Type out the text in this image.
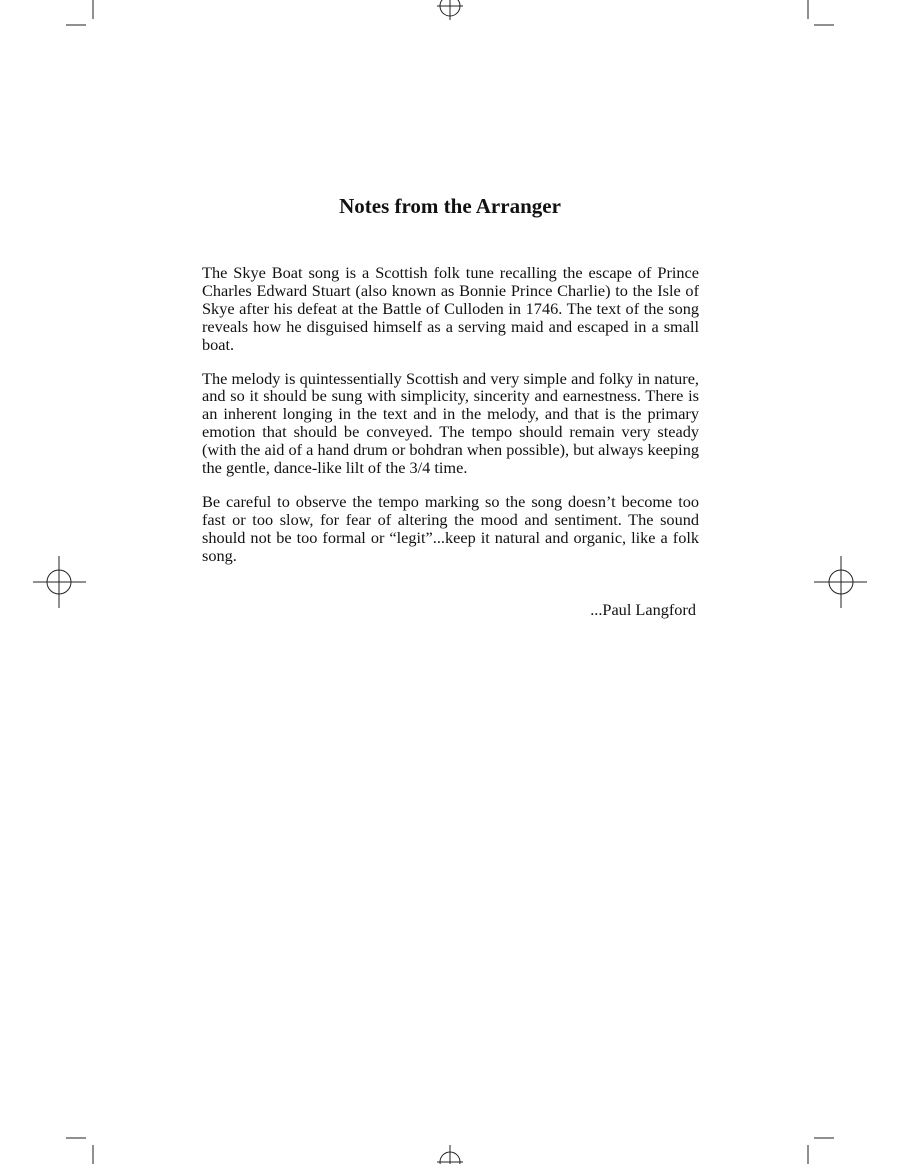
Notes from the Arranger

The Skye Boat song is a Scottish folk tune recalling the escape of Prince Charles Edward Stuart (also known as Bonnie Prince Charlie) to the Isle of Skye after his defeat at the Battle of Culloden in 1746. The text of the song reveals how he disguised himself as a serving maid and escaped in a small boat.

The melody is quintessentially Scottish and very simple and folky in nature, and so it should be sung with simplicity, sincerity and earnestness. There is an inherent longing in the text and in the melody, and that is the primary emotion that should be conveyed. The tempo should remain very steady (with the aid of a hand drum or bohdran when possible), but always keeping the gentle, dance-like lilt of the 3/4 time.

Be careful to observe the tempo marking so the song doesn’t become too fast or too slow, for fear of altering the mood and sentiment. The sound should not be too formal or “legit”...keep it natural and organic, like a folk song.

...Paul Langford
